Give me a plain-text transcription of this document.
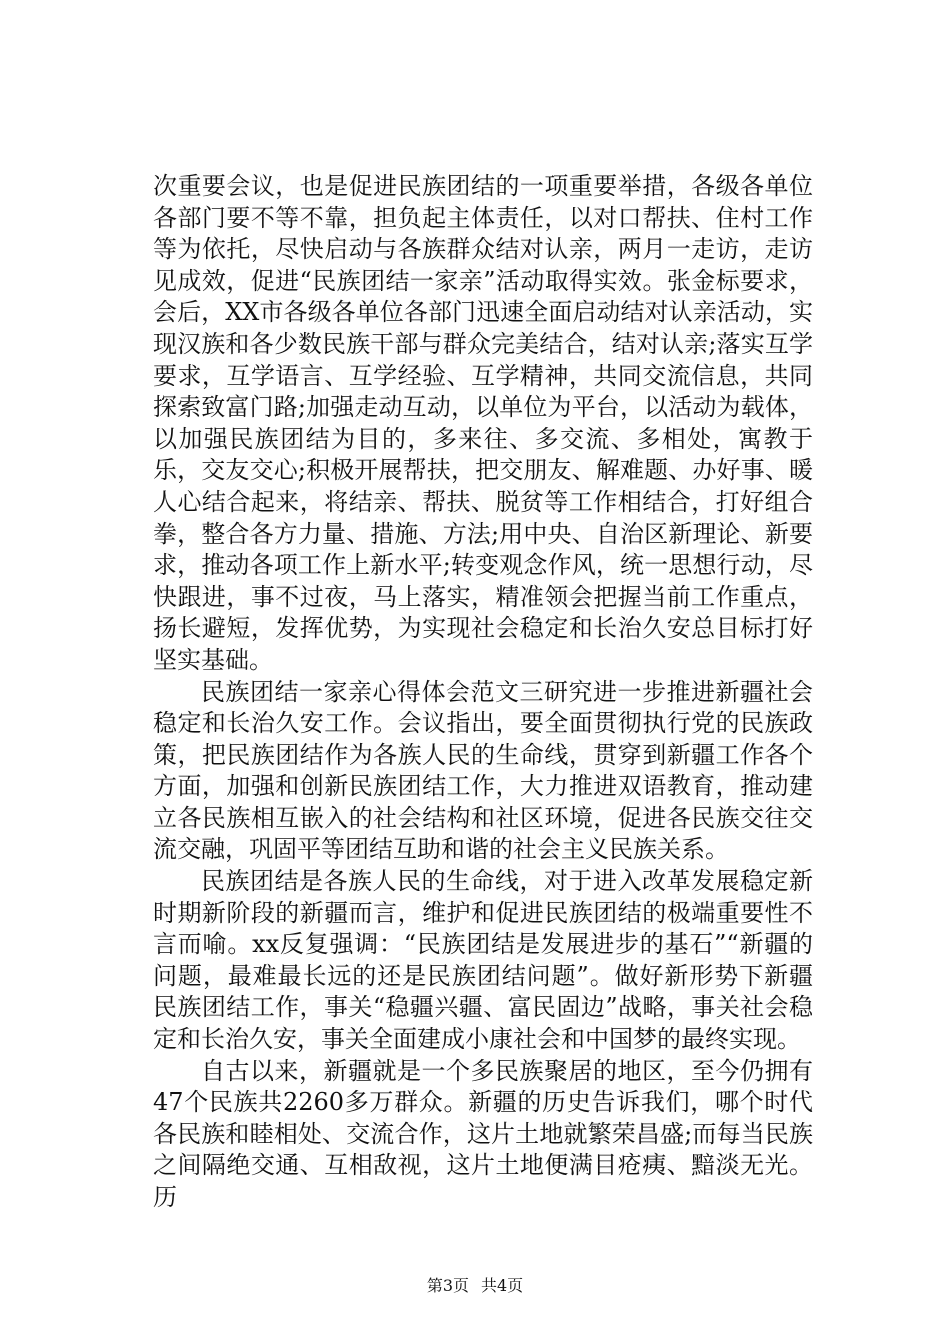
次重要会议，也是促进民族团结的一项重要举措，各级各单位各部门要不等不靠，担负起主体责任，以对口帮扶、住村工作等为依托，尽快启动与各族群众结对认亲，两月一走访，走访见成效，促进“民族团结一家亲”活动取得实效。张金标要求，会后，XX市各级各单位各部门迅速全面启动结对认亲活动，实现汉族和各少数民族干部与群众完美结合，结对认亲;落实互学要求，互学语言、互学经验、互学精神，共同交流信息，共同探索致富门路;加强走动互动，以单位为平台，以活动为载体，以加强民族团结为目的，多来往、多交流、多相处，寓教于乐，交友交心;积极开展帮扶，把交朋友、解难题、办好事、暖人心结合起来，将结亲、帮扶、脱贫等工作相结合，打好组合拳，整合各方力量、措施、方法;用中央、自治区新理论、新要求，推动各项工作上新水平;转变观念作风，统一思想行动，尽快跟进，事不过夜，马上落实，精准领会把握当前工作重点，扬长避短，发挥优势，为实现社会稳定和长治久安总目标打好坚实基础。

民族团结一家亲心得体会范文三研究进一步推进新疆社会稳定和长治久安工作。会议指出，要全面贯彻执行党的民族政策，把民族团结作为各族人民的生命线，贯穿到新疆工作各个方面，加强和创新民族团结工作，大力推进双语教育，推动建立各民族相互嵌入的社会结构和社区环境，促进各民族交往交流交融，巩固平等团结互助和谐的社会主义民族关系。

民族团结是各族人民的生命线，对于进入改革发展稳定新时期新阶段的新疆而言，维护和促进民族团结的极端重要性不言而喻。xx反复强调：“民族团结是发展进步的基石”“新疆的问题，最难最长远的还是民族团结问题”。做好新形势下新疆民族团结工作，事关“稳疆兴疆、富民固边”战略，事关社会稳定和长治久安，事关全面建成小康社会和中国梦的最终实现。

自古以来，新疆就是一个多民族聚居的地区，至今仍拥有47个民族共2260多万群众。新疆的历史告诉我们，哪个时代各民族和睦相处、交流合作，这片土地就繁荣昌盛;而每当民族之间隔绝交通、互相敌视，这片土地便满目疮痍、黯淡无光。历

第3页 共4页
